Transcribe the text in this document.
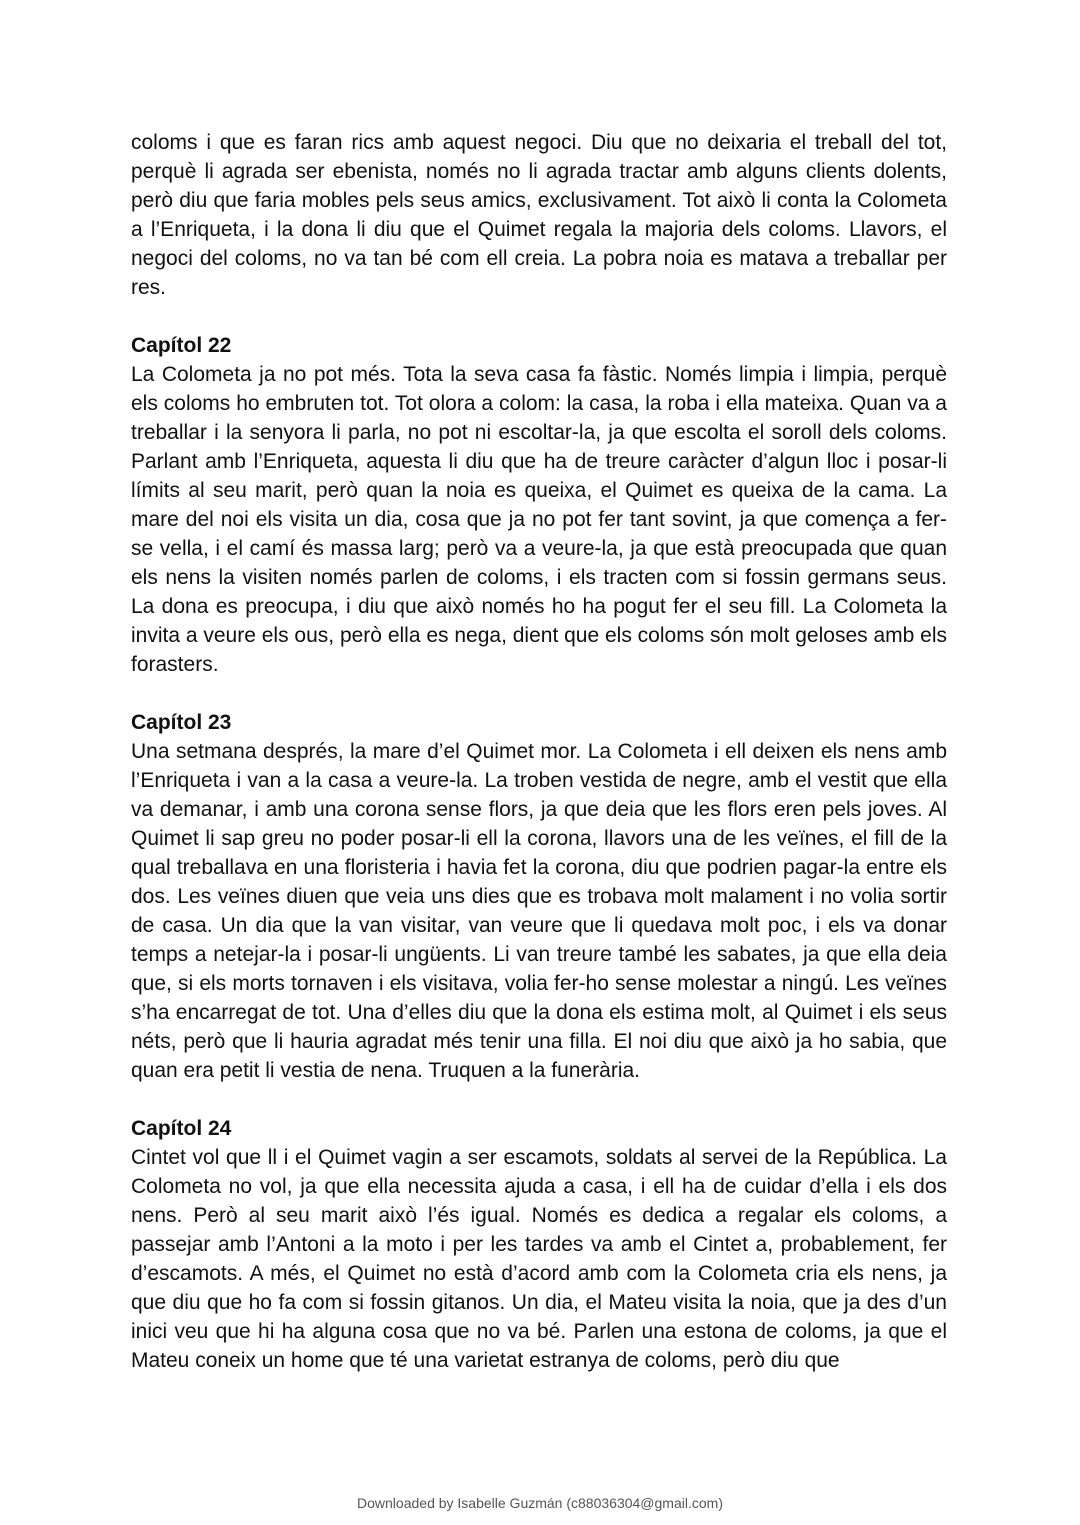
coloms i que es faran rics amb aquest negoci. Diu que no deixaria el treball del tot, perquè li agrada ser ebenista, només no li agrada tractar amb alguns clients dolents, però diu que faria mobles pels seus amics, exclusivament. Tot això li conta la Colometa a l’Enriqueta, i la dona li diu que el Quimet regala la majoria dels coloms. Llavors, el negoci del coloms, no va tan bé com ell creia. La pobra noia es matava a treballar per res.

Capítol 22

La Colometa ja no pot més. Tota la seva casa fa fàstic. Només limpia i limpia, perquè els coloms ho embruten tot. Tot olora a colom: la casa, la roba i ella mateixa. Quan va a treballar i la senyora li parla, no pot ni escoltar-la, ja que escolta el soroll dels coloms. Parlant amb l’Enriqueta, aquesta li diu que ha de treure caràcter d’algun lloc i posar-li límits al seu marit, però quan la noia es queixa, el Quimet es queixa de la cama. La mare del noi els visita un dia, cosa que ja no pot fer tant sovint, ja que comença a fer-se vella, i el camí és massa larg; però va a veure-la, ja que està preocupada que quan els nens la visiten només parlen de coloms, i els tracten com si fossin germans seus. La dona es preocupa, i diu que això només ho ha pogut fer el seu fill. La Colometa la invita a veure els ous, però ella es nega, dient que els coloms són molt geloses amb els forasters.

Capítol 23

Una setmana després, la mare d’el Quimet mor. La Colometa i ell deixen els nens amb l’Enriqueta i van a la casa a veure-la. La troben vestida de negre, amb el vestit que ella va demanar, i amb una corona sense flors, ja que deia que les flors eren pels joves. Al Quimet li sap greu no poder posar-li ell la corona, llavors una de les veïnes, el fill de la qual treballava en una floristeria i havia fet la corona, diu que podrien pagar-la entre els dos. Les veïnes diuen que veia uns dies que es trobava molt malament i no volia sortir de casa. Un dia que la van visitar, van veure que li quedava molt poc, i els va donar temps a netejar-la i posar-li ungüents. Li van treure també les sabates, ja que ella deia que, si els morts tornaven i els visitava, volia fer-ho sense molestar a ningú. Les veïnes s’ha encarregat de tot. Una d’elles diu que la dona els estima molt, al Quimet i els seus néts, però que li hauria agradat més tenir una filla. El noi diu que això ja ho sabia, que quan era petit li vestia de nena. Truquen a la funerària.

Capítol 24

Cintet vol que ll i el Quimet vagin a ser escamots, soldats al servei de la República. La Colometa no vol, ja que ella necessita ajuda a casa, i ell ha de cuidar d’ella i els dos nens. Però al seu marit això l’és igual. Només es dedica a regalar els coloms, a passejar amb l’Antoni a la moto i per les tardes va amb el Cintet a, probablement, fer d’escamots. A més, el Quimet no està d’acord amb com la Colometa cria els nens, ja que diu que ho fa com si fossin gitanos. Un dia, el Mateu visita la noia, que ja des d’un inici veu que hi ha alguna cosa que no va bé. Parlen una estona de coloms, ja que el Mateu coneix un home que té una varietat estranya de coloms, però diu que

Downloaded by Isabelle Guzmán (c88036304@gmail.com)
